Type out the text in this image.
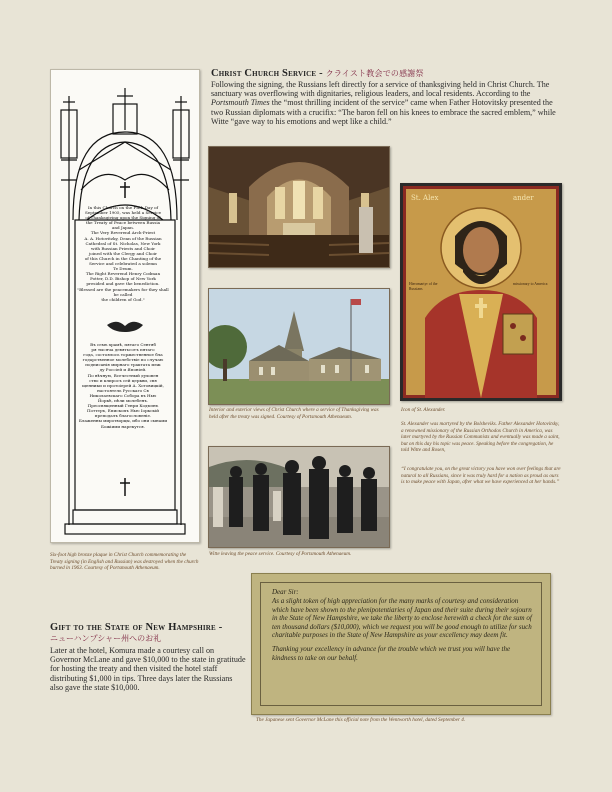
In this Church on the Fifth Day of
September 1905, was held a Service
of Thanksgiving upon the Signing of
the Treaty of Peace between Russia
and Japan.
The Very Reverend Arch-Priest
A. A. Hotovitzky, Dean of the Russian
Cathedral of St. Nicholas, New York
with Russian Priests and Choir
joined with the Clergy and Choir
of this Church in the Chanting of the
Service and celebrated a solemn
Te Deum.
The Right Reverend Henry Codman
Potter, D.D. Bishop of New York
presided and gave the benediction.
"Blessed are the peacemakers for they shall be called
the children of God."
Въ семъ храмѣ, пятаго Сентяб
ря тысяча девятьсотъ пятаго
года, состоялось торжественное бла
годарственное молебствіе по случаю
подписанія мирнаго трактата меж
ду Россіей и Японіей.
По вѣчную, Всечестный духовен
ство и клиросъ сей церкви, свя
щенники и протоіерей А. Хотовицкій,
настоятель Русскаго Св
Николаевскаго Собора въ Нью
Йоркѣ, пѣли молебенъ.
Преосвященный Генри Кодмэнъ
Поттеръ, Епископъ Нью Іоркскій
преподалъ благословеніе.
Блаженны миротворцы, ибо они сынами Божіими нарекутся.
Six-foot high bronze plaque in Christ Church commemorating the Treaty signing (in English and Russian) was destroyed when the church burned in 1963. Courtesy of Portsmouth Athenaeum.
Christ Church Service - クライスト教会での感謝祭
Following the signing, the Russians left directly for a service of thanksgiving held in Christ Church. The sanctuary was overflowing with dignitaries, religious leaders, and local residents. According to the Portsmouth Times the “most thrilling incident of the service” came when Father Hotovitsky presented the two Russian diplomats with a crucifix: “The baron fell on his knees to embrace the sacred emblem,” while Witte “gave way to his emotions and wept like a child.”
Interior and exterior views of Christ Church where a service of Thanksgiving was held after the treaty was signed. Courtesy of Portsmouth Athenaeum.
Witte leaving the peace service. Courtesy of Portsmouth Athenaeum.
St. Alex	ander
Hieromartyr of the Russians
missionary to America
Icon of St. Alexander.
St. Alexander was martyred by the Bolsheviks. Father Alexander Hotovitsky, a renowned missionary of the Russian Orthodox Church in America, was later martyred by the Russian Communists and eventually was made a saint, but on this day his topic was peace. Speaking before the congregation, he told Witte and Rosen,
“I congratulate you, on the great victory you have won over feelings that are natural to all Russians, since it was truly hard for a nation as proud as ours is to make peace with Japan, after what we have experienced at her hands.”
Gift to the State of New Hampshire -
ニューハンプシャー州へのお礼
Later at the hotel, Komura made a courtesy call on Governor McLane and gave $10,000 to the state in gratitude for hosting the treaty and then visited the hotel staff distributing $1,000 in tips. Three days later the Russians also gave the state $10,000.

Dear Sir:

As a slight token of high appreciation for the many marks of courtesy and consideration which have been shown to the plenipotentiaries of Japan and their suite during their sojourn in the State of New Hampshire, we take the liberty to enclose herewith a check for the sum of ten thousand dollars ($10,000), which we request you will be good enough to utilize for such charitable purposes in the State of New Hampshire as your excellency may deem fit.

Thanking your excellency in advance for the trouble which we trust you will have the kindness to take on our behalf.

The Japanese sent Governor McLane this official note from the Wentworth hotel, dated September 4.
